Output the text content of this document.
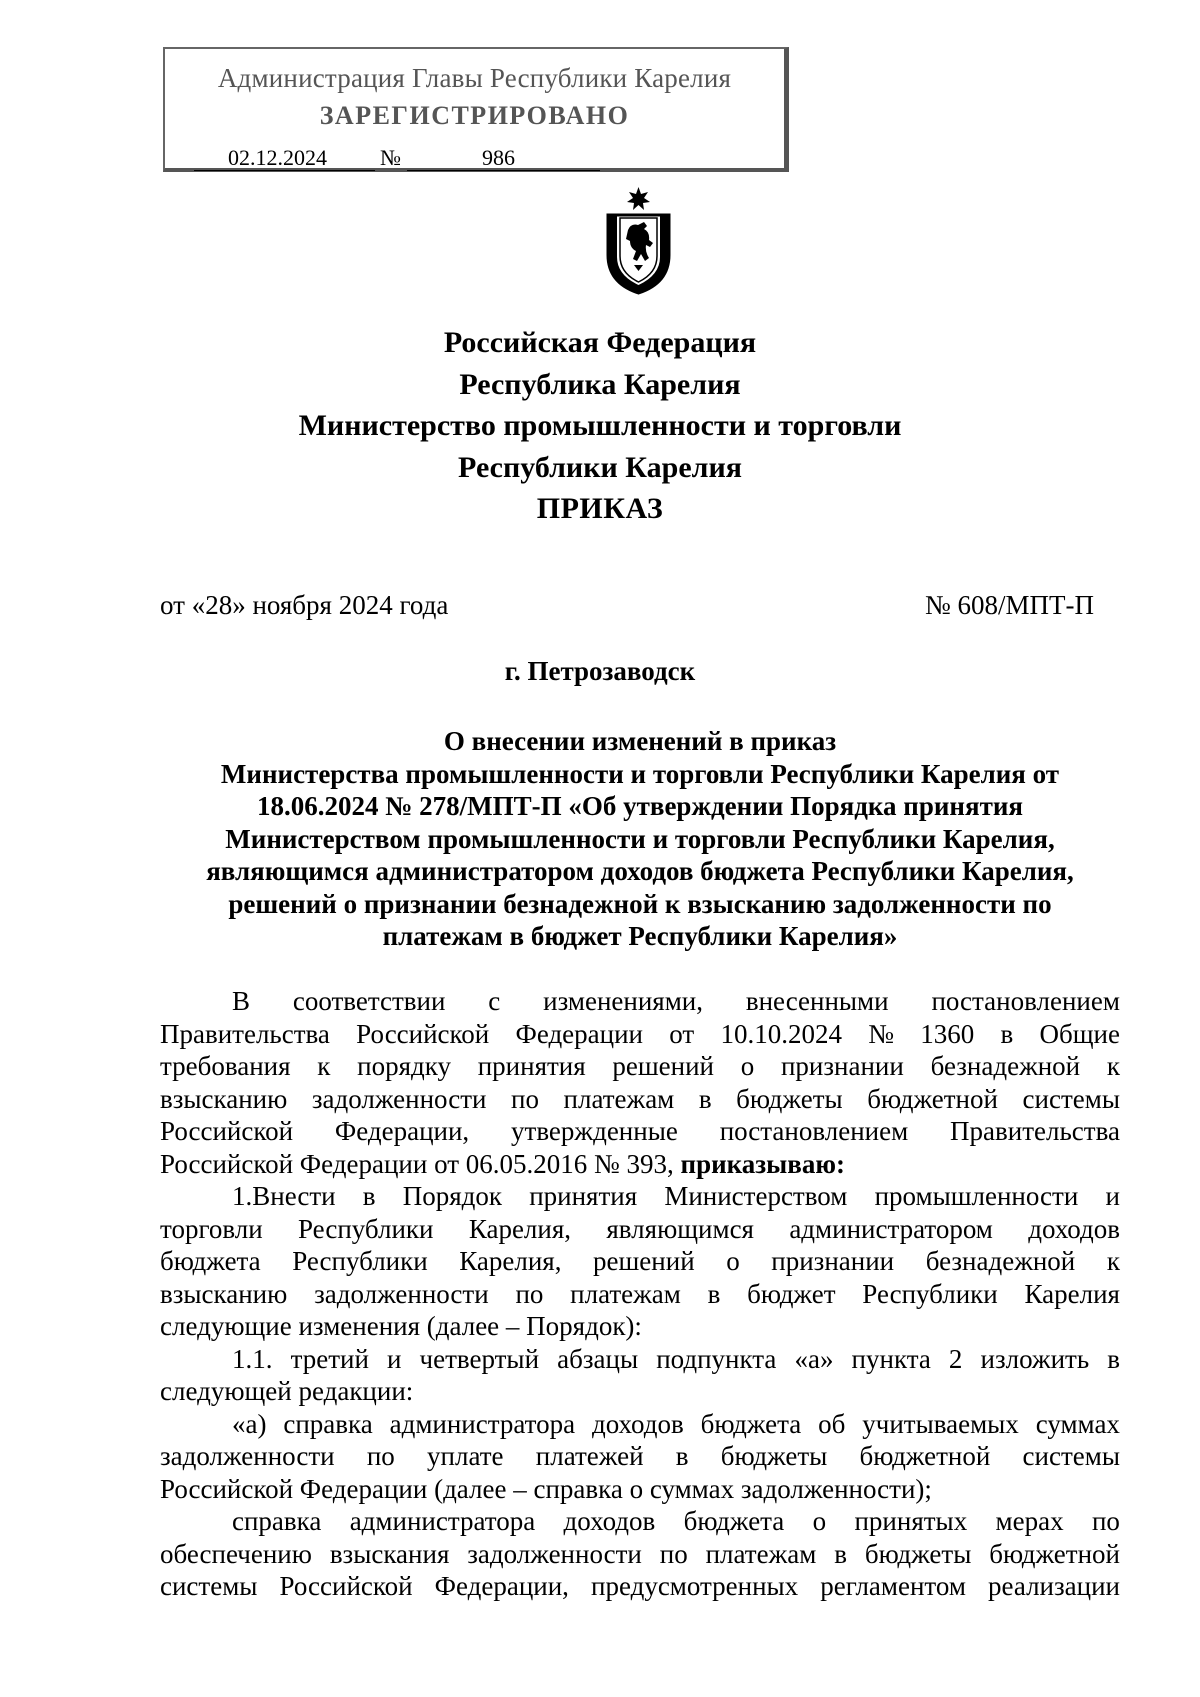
Администрация Главы Республики Карелия
ЗАРЕГИСТРИРОВАНО
02.12.2024 №	986
Российская Федерация
Республика Карелия
Министерство промышленности и торговли
Республики Карелия
ПРИКАЗ
от «28» ноября 2024 года	№ 608/МПТ-П
г. Петрозаводск
О внесении изменений в приказ
Министерства промышленности и торговли Республики Карелия от
18.06.2024 № 278/МПТ-П «Об утверждении Порядка принятия
Министерством промышленности и торговли Республики Карелия,
являющимся администратором доходов бюджета Республики Карелия,
решений о признании безнадежной к взысканию задолженности по
платежам в бюджет Республики Карелия»
В соответствии с изменениями, внесенными постановлением
Правительства Российской Федерации от 10.10.2024 № 1360 в Общие
требования к порядку принятия решений о признании безнадежной к
взысканию задолженности по платежам в бюджеты бюджетной системы
Российской Федерации, утвержденные постановлением Правительства
Российской Федерации от 06.05.2016 № 393, приказываю:
1.Внести в Порядок принятия Министерством промышленности и
торговли Республики Карелия, являющимся администратором доходов
бюджета Республики Карелия, решений о признании безнадежной к
взысканию задолженности по платежам в бюджет Республики Карелия
следующие изменения (далее – Порядок):
1.1. третий и четвертый абзацы подпункта «а» пункта 2 изложить в
следующей редакции:
«а) справка администратора доходов бюджета об учитываемых суммах
задолженности по уплате платежей в бюджеты бюджетной системы
Российской Федерации (далее – справка о суммах задолженности);
справка администратора доходов бюджета о принятых мерах по
обеспечению взыскания задолженности по платежам в бюджеты бюджетной
системы Российской Федерации, предусмотренных регламентом реализации
